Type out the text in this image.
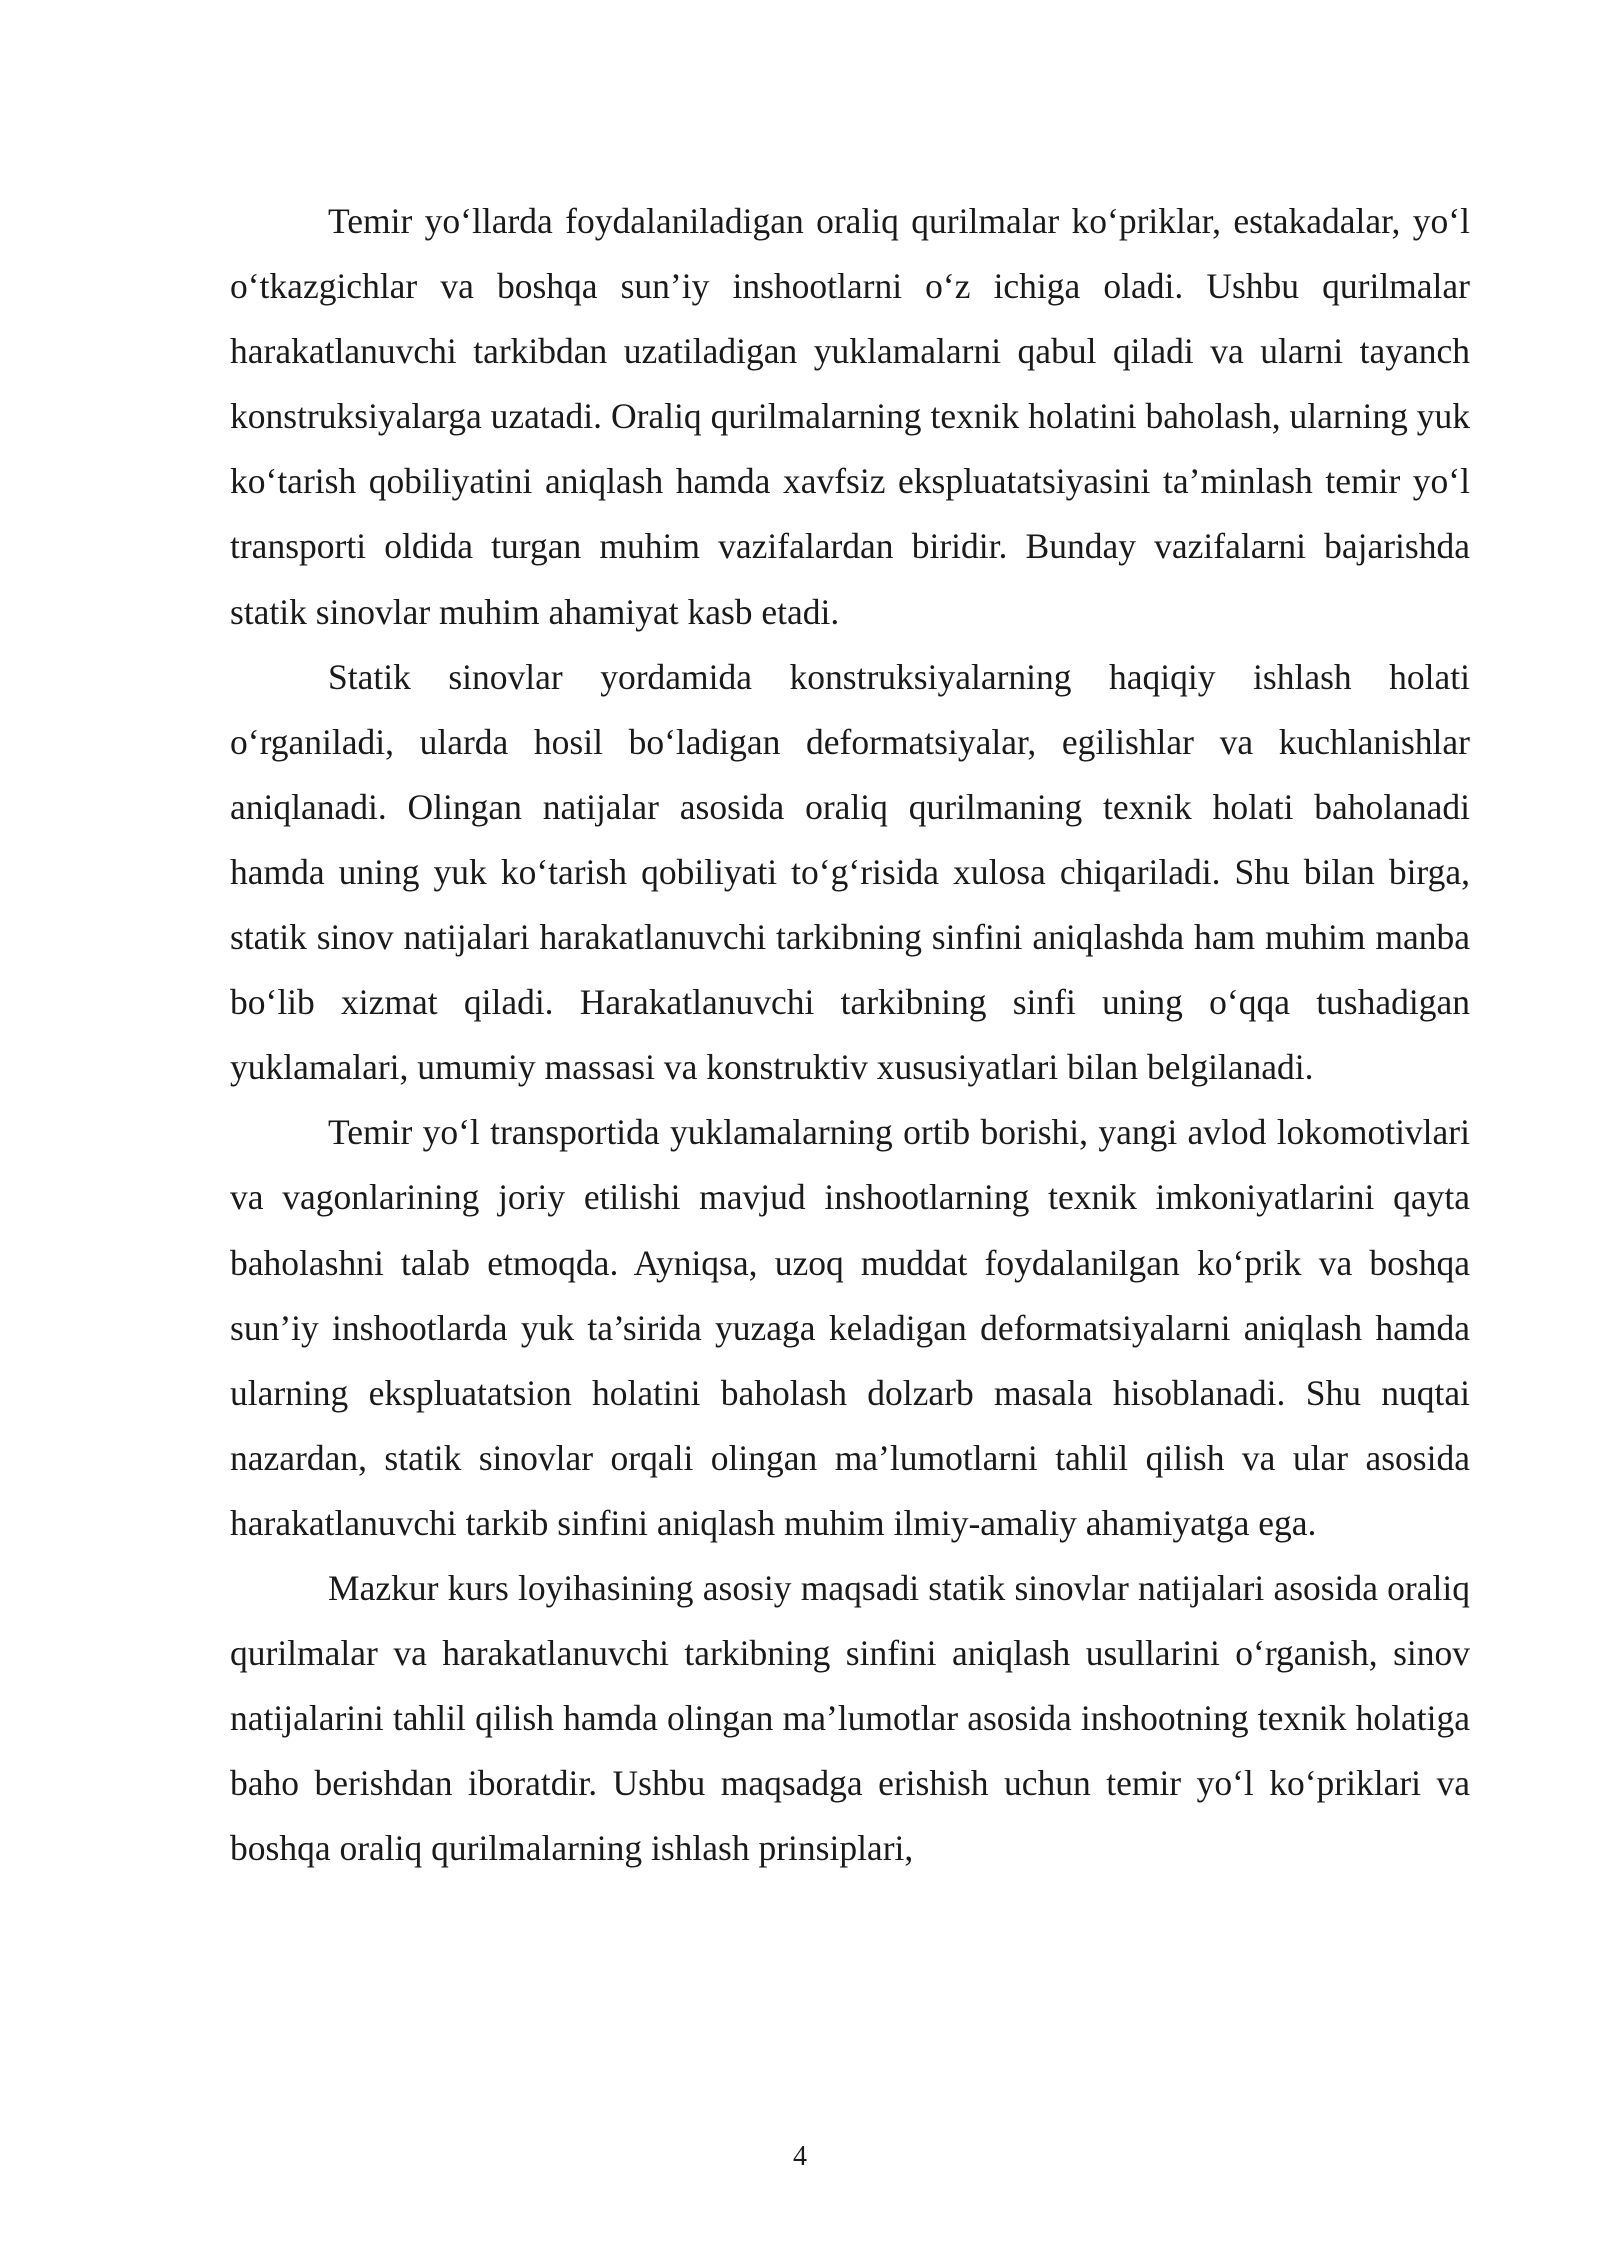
Temir yo‘llarda foydalaniladigan oraliq qurilmalar ko‘priklar, estakadalar, yo‘l o‘tkazgichlar va boshqa sun’iy inshootlarni o‘z ichiga oladi. Ushbu qurilmalar harakatlanuvchi tarkibdan uzatiladigan yuklamalarni qabul qiladi va ularni tayanch konstruksiyalarga uzatadi. Oraliq qurilmalarning texnik holatini baholash, ularning yuk ko‘tarish qobiliyatini aniqlash hamda xavfsiz ekspluatatsiyasini ta’minlash temir yo‘l transporti oldida turgan muhim vazifalardan biridir. Bunday vazifalarni bajarishda statik sinovlar muhim ahamiyat kasb etadi.

Statik sinovlar yordamida konstruksiyalarning haqiqiy ishlash holati o‘rganiladi, ularda hosil bo‘ladigan deformatsiyalar, egilishlar va kuchlanishlar aniqlanadi. Olingan natijalar asosida oraliq qurilmaning texnik holati baholanadi hamda uning yuk ko‘tarish qobiliyati to‘g‘risida xulosa chiqariladi. Shu bilan birga, statik sinov natijalari harakatlanuvchi tarkibning sinfini aniqlashda ham muhim manba bo‘lib xizmat qiladi. Harakatlanuvchi tarkibning sinfi uning o‘qqa tushadigan yuklamalari, umumiy massasi va konstruktiv xususiyatlari bilan belgilanadi.

Temir yo‘l transportida yuklamalarning ortib borishi, yangi avlod lokomotivlari va vagonlarining joriy etilishi mavjud inshootlarning texnik imkoniyatlarini qayta baholashni talab etmoqda. Ayniqsa, uzoq muddat foydalanilgan ko‘prik va boshqa sun’iy inshootlarda yuk ta’sirida yuzaga keladigan deformatsiyalarni aniqlash hamda ularning ekspluatatsion holatini baholash dolzarb masala hisoblanadi. Shu nuqtai nazardan, statik sinovlar orqali olingan ma’lumotlarni tahlil qilish va ular asosida harakatlanuvchi tarkib sinfini aniqlash muhim ilmiy-amaliy ahamiyatga ega.

Mazkur kurs loyihasining asosiy maqsadi statik sinovlar natijalari asosida oraliq qurilmalar va harakatlanuvchi tarkibning sinfini aniqlash usullarini o‘rganish, sinov natijalarini tahlil qilish hamda olingan ma’lumotlar asosida inshootning texnik holatiga baho berishdan iboratdir. Ushbu maqsadga erishish uchun temir yo‘l ko‘priklari va boshqa oraliq qurilmalarning ishlash prinsiplari,

4
